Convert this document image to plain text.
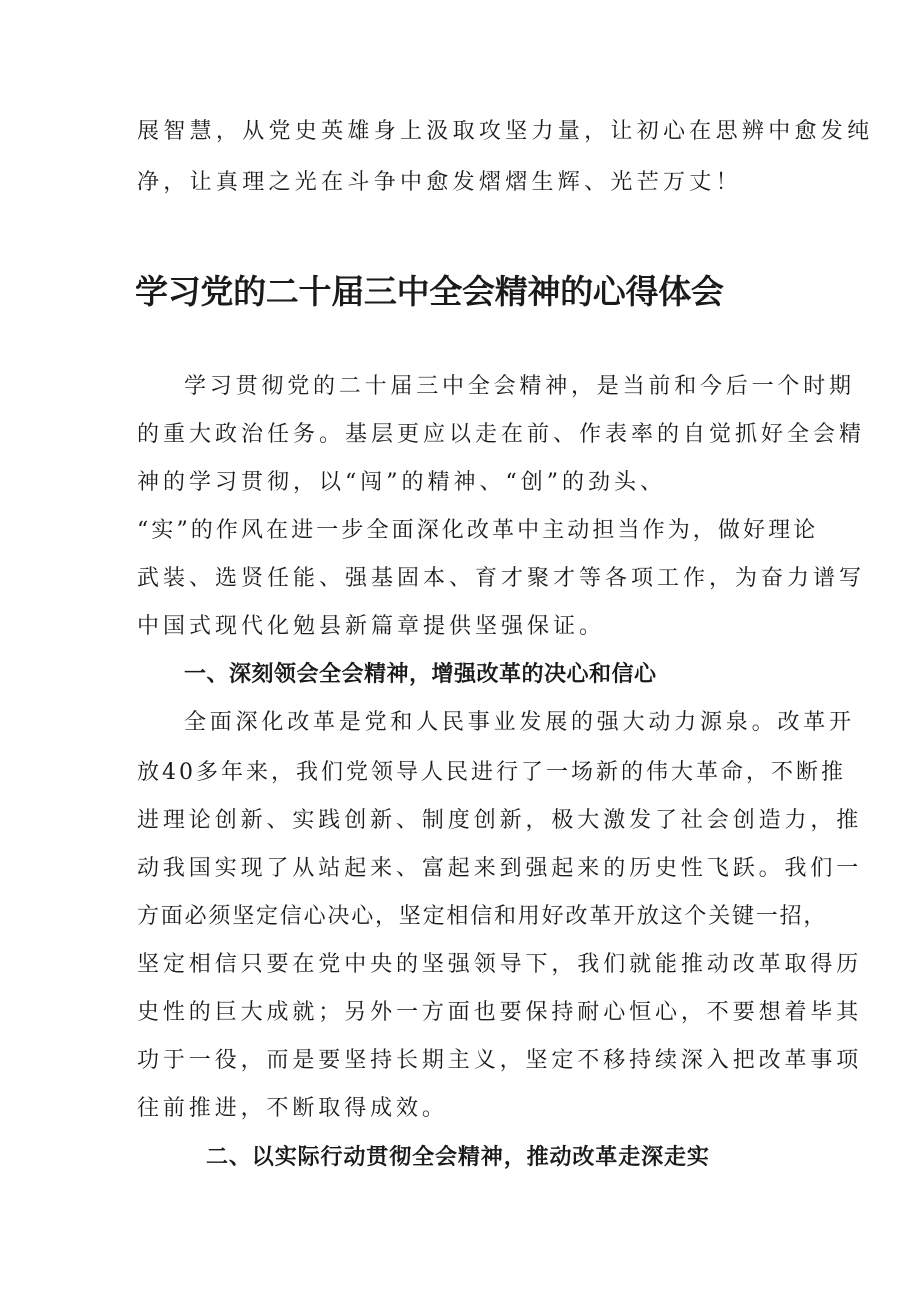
展智慧，从党史英雄身上汲取攻坚力量，让初心在思辨中愈发纯

净，让真理之光在斗争中愈发熠熠生辉、光芒万丈！

学习党的二十届三中全会精神的心得体会

学习贯彻党的二十届三中全会精神，是当前和今后一个时期

的重大政治任务。基层更应以走在前、作表率的自觉抓好全会精

神的学习贯彻，以“闯”的精神、“创”的劲头、

“实”的作风在进一步全面深化改革中主动担当作为，做好理论

武装、选贤任能、强基固本、育才聚才等各项工作，为奋力谱写

中国式现代化勉县新篇章提供坚强保证。

一、深刻领会全会精神，增强改革的决心和信心

全面深化改革是党和人民事业发展的强大动力源泉。改革开

放40多年来，我们党领导人民进行了一场新的伟大革命，不断推

进理论创新、实践创新、制度创新，极大激发了社会创造力，推

动我国实现了从站起来、富起来到强起来的历史性飞跃。我们一

方面必须坚定信心决心，坚定相信和用好改革开放这个关键一招，

坚定相信只要在党中央的坚强领导下，我们就能推动改革取得历

史性的巨大成就；另外一方面也要保持耐心恒心，不要想着毕其

功于一役，而是要坚持长期主义，坚定不移持续深入把改革事项

往前推进，不断取得成效。

二、以实际行动贯彻全会精神，推动改革走深走实
